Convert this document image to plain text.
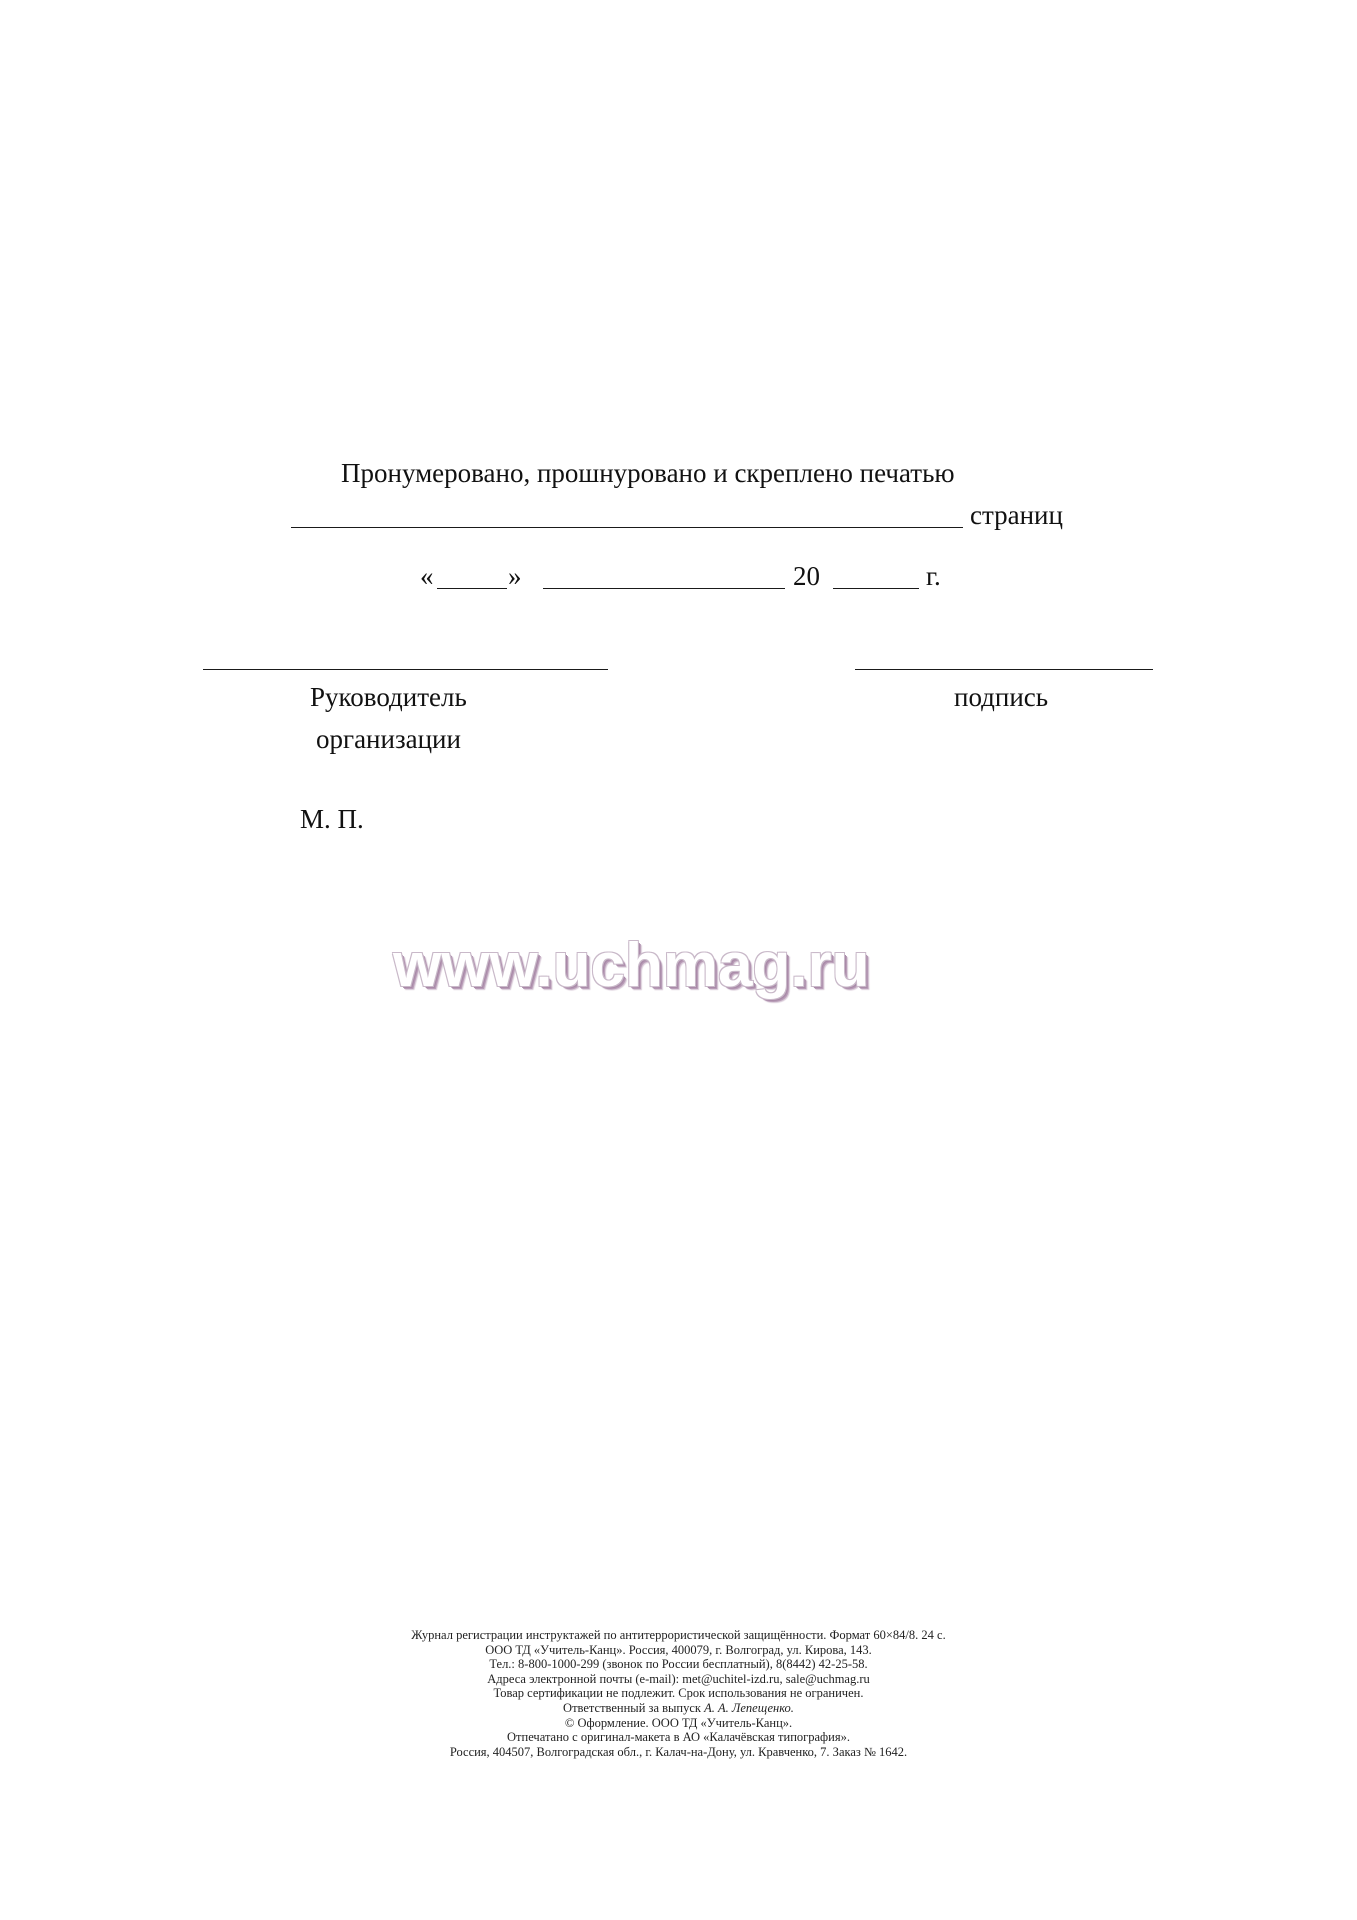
Пронумеровано, прошнуровано и скреплено печатью
страниц
«	»	20	г.
Руководитель
организации
подпись
М. П.
www.uchmag.ru
Журнал регистрации инструктажей по антитеррористической защищённости. Формат 60×84/8. 24 с.
ООО ТД «Учитель-Канц». Россия, 400079, г. Волгоград, ул. Кирова, 143.
Тел.: 8-800-1000-299 (звонок по России бесплатный), 8(8442) 42-25-58.
Адреса электронной почты (e-mail): met@uchitel-izd.ru, sale@uchmag.ru
Товар сертификации не подлежит. Срок использования не ограничен.
Ответственный за выпуск А. А. Лепещенко.
© Оформление. ООО ТД «Учитель-Канц».
Отпечатано с оригинал-макета в АО «Калачёвская типография».
Россия, 404507, Волгоградская обл., г. Калач-на-Дону, ул. Кравченко, 7. Заказ № 1642.
